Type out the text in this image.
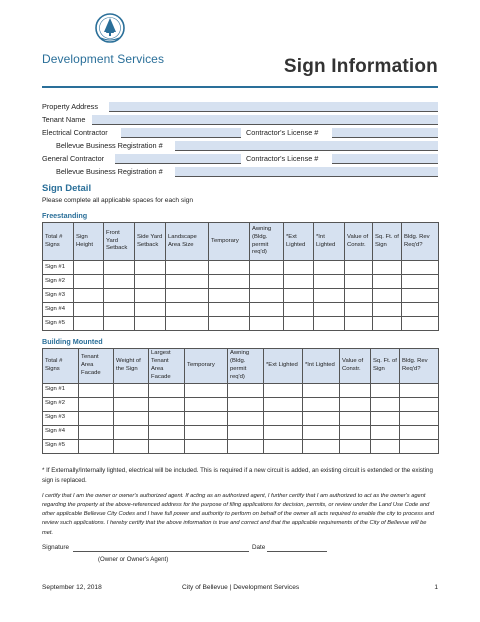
Development Services	Sign Information
Property Address
Tenant Name
Electrical Contractor	Contractor's License #
Bellevue Business Registration #
General Contractor	Contractor's License #
Bellevue Business Registration #
Sign Detail
Please complete all applicable spaces for each sign
Freestanding
Total # Signs	Sign Height	Front Yard Setback	Side Yard Setback	Landscape Area Size	Temporary	Awning (Bldg. permit req'd)	*Ext Lighted	*Int Lighted	Value of Constr.	Sq. Ft. of Sign	Bldg. Rev Req'd?
Sign #1											
Sign #2											
Sign #3											
Sign #4											
Sign #5											
Building Mounted
Total # Signs	Tenant Area Facade	Weight of the Sign	Largest Tenant Area Facade	Temporary	Awning (Bldg. permit req'd)	*Ext Lighted	*Int Lighted	Value of Constr.	Sq. Ft. of Sign	Bldg. Rev Req'd?
Sign #1										
Sign #2										
Sign #3										
Sign #4										
Sign #5										
* If Externally/Internally lighted, electrical will be included. This is required if a new circuit is added, an existing circuit is extended or the existing sign is replaced.
I certify that I am the owner or owner's authorized agent. If acting as an authorized agent, I further certify that I am authorized to act as the owner's agent regarding the property at the above-referenced address for the purpose of filing applications for decision, permits, or review under the Land Use Code and other applicable Bellevue City Codes and I have full power and authority to perform on behalf of the owner all acts required to enable the city to process and review such applications. I hereby certify that the above information is true and correct and that the applicable requirements of the City of Bellevue will be met.
Signature	Date
(Owner or Owner's Agent)
September 12, 2018	City of Bellevue | Development Services	1
